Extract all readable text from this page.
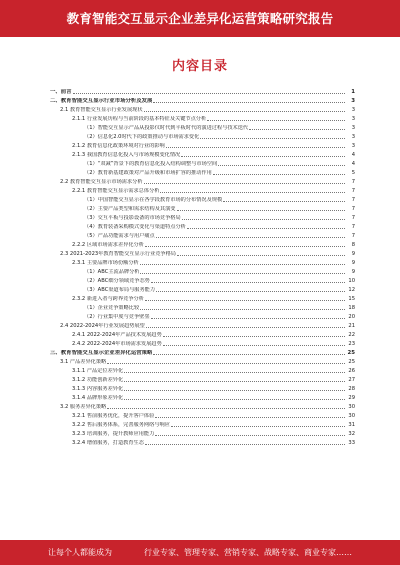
教育智能交互显示企业差异化运营策略研究报告
内容目录
一、前言	1
二、教育智能交互显示行业市场分析及发展	3
2.1 教育智能交互显示行业发展现状	3
2.1.1 行业发展历程与当前阶段的基本特征及关键节点分析	3
（1）智能交互显示产品从投影仪时代到平板时代的演进过程与技术迭代	3
（2）信息化2.0时代下的政策推动与市场需求变化	3
2.1.2 教育信息化政策环境对行业的影响	3
2.1.3 我国教育信息化投入与市场规模变化情况	4
（1）“双减”背景下的教育信息化投入结构调整与市场空间	4
（2）教育新基建政策对产品升级和市场扩容的推动作用	5
2.2 教育智能交互显示市场需求分析	7
2.2.1 教育智能交互显示需求总体分析	7
（1）中国智能交互显示在各学段教育市场的分布情况及规模	7
（2）主要产品类型和需求结构及其演变	7
（3）交互平板与投影设备的市场竞争格局	7
（4）教育装备采购模式变化与渠道特点分析	7
（5）产品功能需求与用户痛点	7
2.2.2 区域市场需求差异化分析	8
2.3 2021-2023年教育智能交互显示行业竞争格局	9
2.3.1 主要品牌市场份额分析	9
（1）ABC主流品牌分析	9
（2）ABC细分领域竞争态势	10
（3）ABC渠道布局与服务能力	12
2.3.2 新进入者与跨界竞争分析	15
（1）企业竞争策略比较	18
（2）行业集中度与竞争壁垒	20
2.4 2022-2024年行业发展趋势展望	21
2.4.1 2022-2024年产品技术发展趋势	22
2.4.2 2022-2024年市场需求发展趋势	23
三、教育智能交互显示企业差异化运营策略	25
3.1 产品差异化策略	25
3.1.1 产品定位差异化	26
3.1.2 功能创新差异化	27
3.1.3 内容服务差异化	28
3.1.4 品牌形象差异化	29
3.2 服务差异化策略	30
3.2.1 售前服务优化，提升客户体验	30
3.2.2 售后服务体系，完善服务网络与响应	31
3.2.3 培训服务，提升教师应用能力	32
3.2.4 增值服务，打造教育生态	33
让每个人都能成为	行业专家、管理专家、营销专家、战略专家、商业专家……
